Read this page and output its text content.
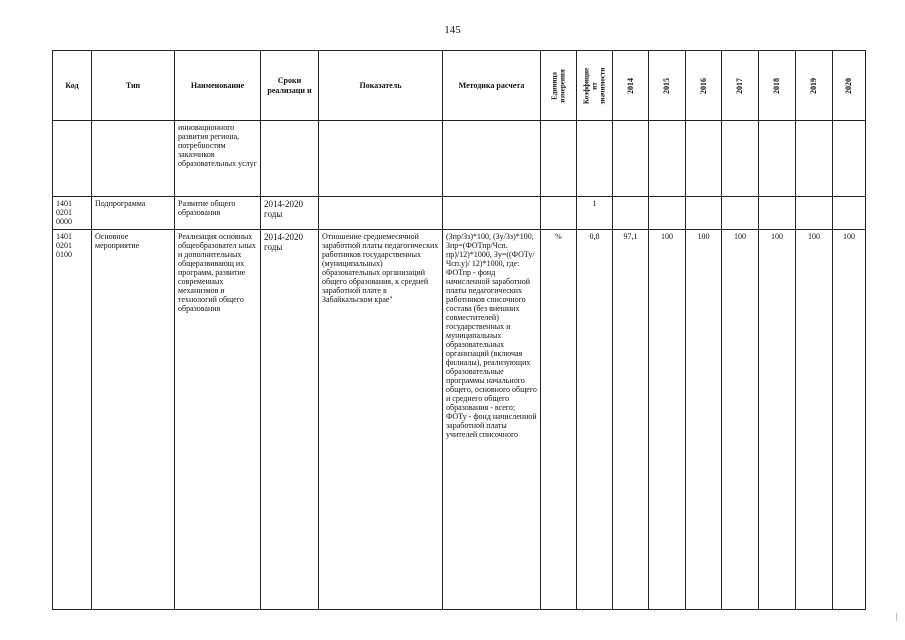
145
Код	Тип	Наименование	Сроки реализаци и	Показатель	Методика расчета	Единица измерения	Коэффицие нт значимости	2014	2015	2016	2017	2018	2019	2020

		инновационного развития региона, потребностям заказчиков образовательных услуг												
1401 0201 0000	Подпрограмма	Развитие общего образования	2014-2020 годы				1							
1401 0201 0100	Основное мероприятие	Реализация основных общеобразовател ьных и дополнительных общеразвивающ их программ, развитие современных механизмов и технологий общего образования	2014-2020 годы	Отношение среднемесячной заработной платы педагогических работников государственных (муниципальных) образовательных организаций общего образования, к средней заработной плате в Забайкальском крае"	(Зпр/Зз)*100, (Зу/Зз)*100, Зпр=(ФОТпр/Чсп. пр)/12)*1000, Зу=((ФОТу/Чсп.у)/ 12)*1000, где: ФОТпр - фонд начисленной заработной платы педагогических работников списочного состава (без внешних совместителей) государственных и муниципальных образовательных организаций (включая филиалы), реализующих образовательные программы начального общего, основного общего и среднего общего образования - всего; ФОТу - фонд начисленной заработной платы учителей списочного	%	0,8	97,1	100	100	100	100	100	100
|
